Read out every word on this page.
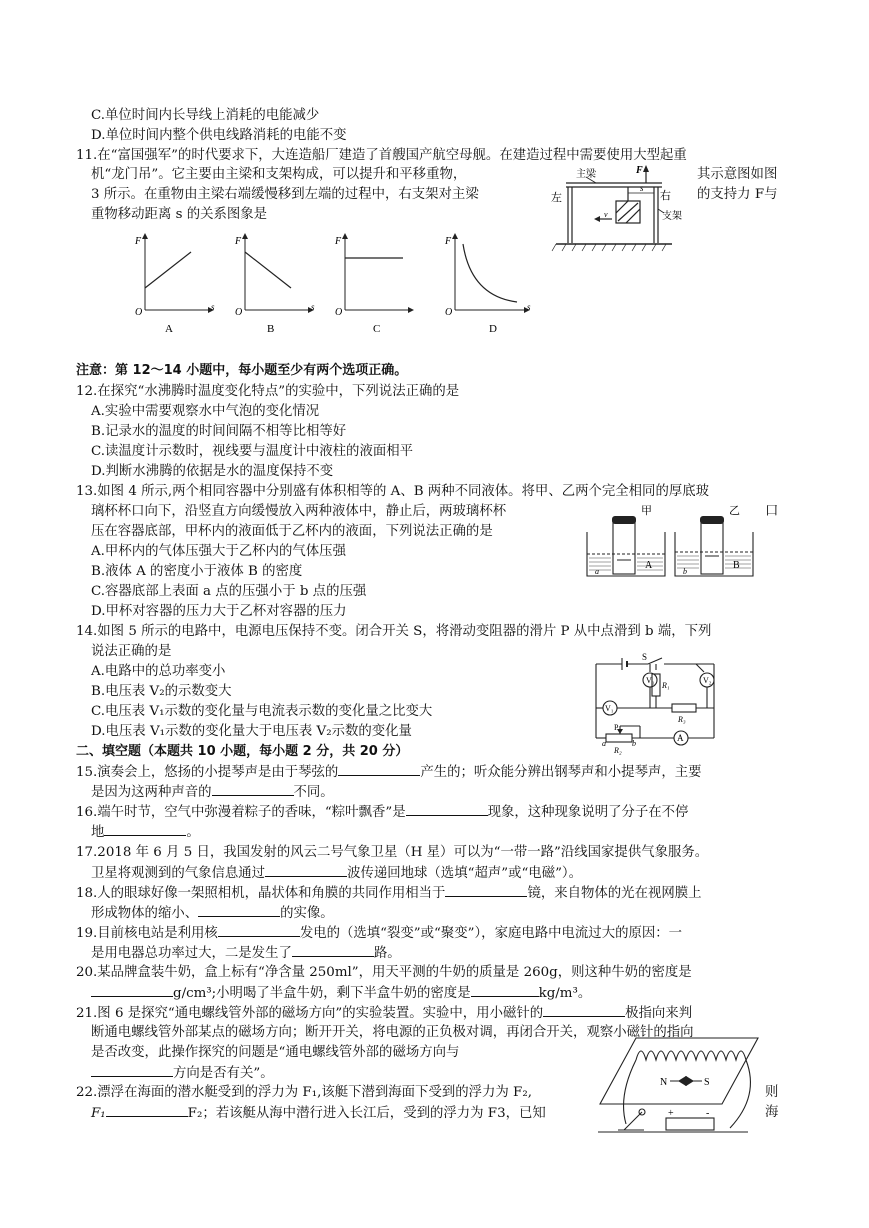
C.单位时间内长导线上消耗的电能减少
D.单位时间内整个供电线路消耗的电能不变
11.在“富国强军”的时代要求下，大连造船厂建造了首艘国产航空母舰。在建造过程中需要使用大型起重
机“龙门吊”。它主要由主梁和支架构成，可以提升和平移重物，	其示意图如图
3 所示。在重物由主梁右端缓慢移到左端的过程中，右支架对主梁	的支持力 F与
重物移动距离 s 的关系图象是
左	右
主梁
支架
F
s
v
F
s
O
A
F
s
O
B
F
O
C
F
s
O
D
注意：第 12～14 小题中，每小题至少有两个选项正确。
12.在探究“水沸腾时温度变化特点”的实验中，下列说法正确的是
A.实验中需要观察水中气泡的变化情况
B.记录水的温度的时间间隔不相等比相等好
C.读温度计示数时，视线要与温度计中液柱的液面相平
D.判断水沸腾的依据是水的温度保持不变
13.如图 4 所示,两个相同容器中分别盛有体积相等的 A、B 两种不同液体。将甲、乙两个完全相同的厚底玻
璃杯杯口向下，沿竖直方向缓慢放入两种液体中，静止后，两玻璃杯杯	口
压在容器底部，甲杯内的液面低于乙杯内的液面，下列说法正确的是
A.甲杯内的气体压强大于乙杯内的气体压强
B.液体 A 的密度小于液体 B 的密度
C.容器底部上表面 a 点的压强小于 b 点的压强
D.甲杯对容器的压力大于乙杯对容器的压力
甲	乙
A	B
a	b
14.如图 5 所示的电路中，电源电压保持不变。闭合开关 S，将滑动变阻器的滑片 P 从中点滑到 b 端，下列
说法正确的是
A.电路中的总功率变小
B.电压表 V₂的示数变大
C.电压表 V₁示数的变化量与电流表示数的变化量之比变大
D.电压表 V₁示数的变化量大于电压表 V₂示数的变化量
S
V₁
R₁
V₂
R₃
V₁
A
P
a	b
R₂
二、填空题（本题共 10 小题，每小题 2 分，共 20 分）
15.演奏会上，悠扬的小提琴声是由于琴弦的	产生的；听众能分辨出钢琴声和小提琴声，主要
是因为这两种声音的	不同。
16.端午时节，空气中弥漫着粽子的香味，“粽叶飘香”是	现象，这种现象说明了分子在不停
地	。
17.2018 年 6 月 5 日，我国发射的风云二号气象卫星（H 星）可以为“一带一路”沿线国家提供气象服务。
卫星将观测到的气象信息通过	波传递回地球（选填“超声”或“电磁”）。
18.人的眼球好像一架照相机，晶状体和角膜的共同作用相当于	镜，来自物体的光在视网膜上
形成物体的缩小、	的实像。
19.目前核电站是利用核	发电的（选填“裂变”或“聚变”），家庭电路中电流过大的原因：一
是用电器总功率过大，二是发生了	路。
20.某品牌盒装牛奶，盒上标有“净含量 250ml”，用天平测的牛奶的质量是 260g，则这种牛奶的密度是
g/cm³;小明喝了半盒牛奶，剩下半盒牛奶的密度是	kg/m³。
21.图 6 是探究“通电螺线管外部的磁场方向”的实验装置。实验中，用小磁针的	极指向来判
断通电螺线管外部某点的磁场方向；断开开关，将电源的正负极对调，再闭合开关，观察小磁针的指向
是否改变，此操作探究的问题是“通电螺线管外部的磁场方向与
方向是否有关”。
N	S
+	-
22.漂浮在海面的潜水艇受到的浮力为 F₁,该艇下潜到海面下受到的浮力为 F₂,	则
F₁	F₂；若该艇从海中潜行进入长江后，受到的浮力为 F3，已知	海
